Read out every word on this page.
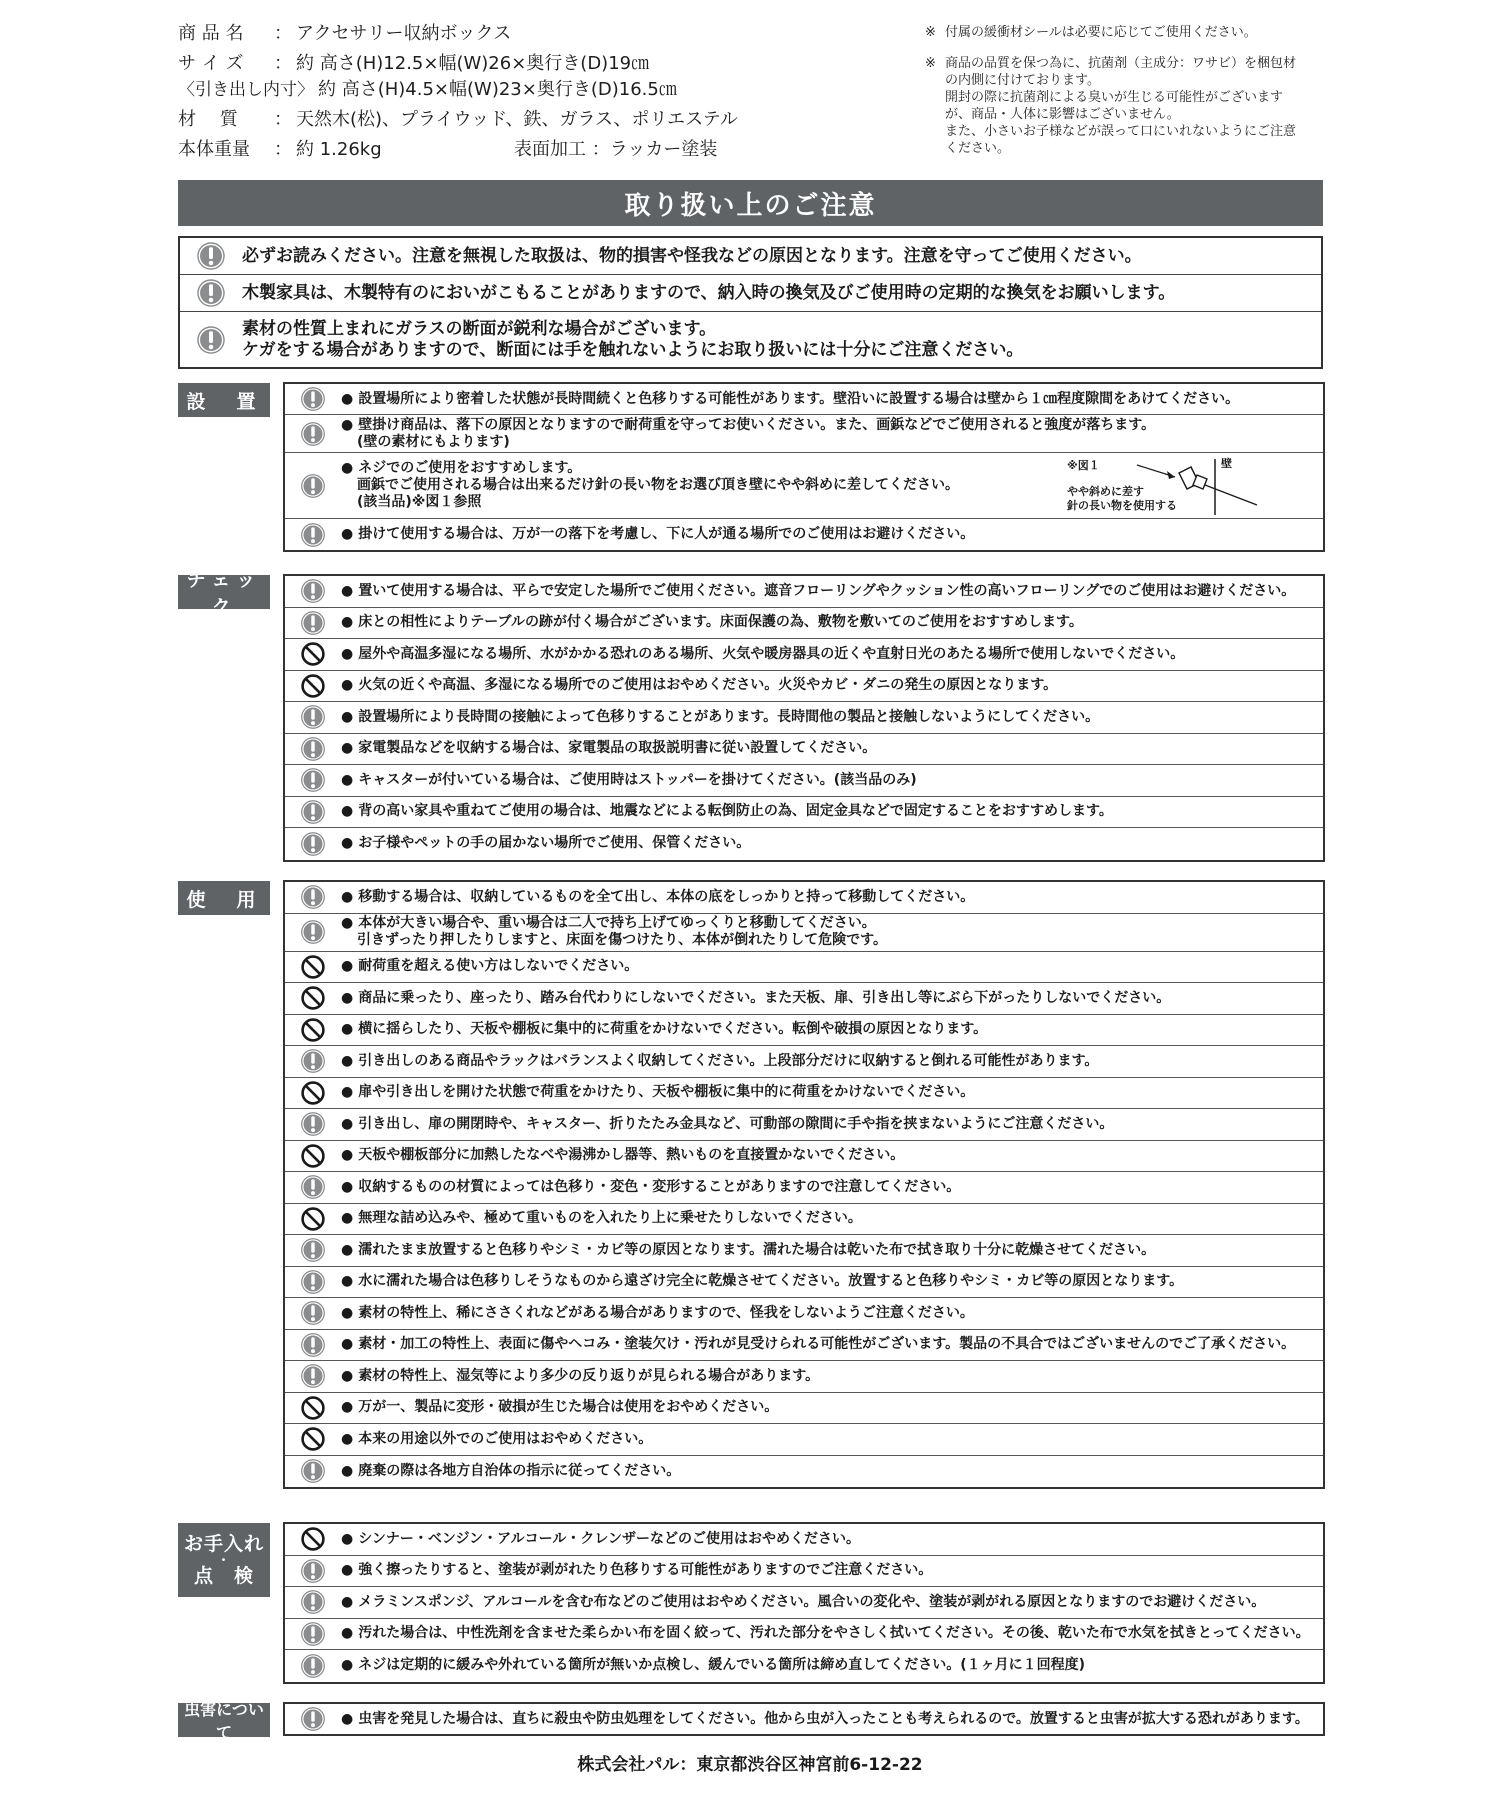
商 品 名 ： アクセサリー収納ボックス
サ イ ズ ： 約 高さ(H)12.5×幅(W)26×奥行き(D)19㎝
〈引き出し内寸〉 約 高さ(H)4.5×幅(W)23×奥行き(D)16.5㎝
材　 質 ： 天然木(松)、プライウッド、鉄、ガラス、ポリエステル
本体重量 ： 約 1.26kg	表面加工 ：ラッカー塗装
※ 付属の緩衝材シールは必要に応じてご使用ください。

※ 商品の品質を保つ為に、抗菌剤（主成分：ワサビ）を梱包材

の内側に付けております。

開封の際に抗菌剤による臭いが生じる可能性がございます

が、商品・人体に影響はございません。

また、小さいお子様などが誤って口にいれないようにご注意

ください。

取り扱い上のご注意
必ずお読みください。注意を無視した取扱は、物的損害や怪我などの原因となります。注意を守ってご使用ください。
木製家具は、木製特有のにおいがこもることがありますので、納入時の換気及びご使用時の定期的な換気をお願いします。
素材の性質上まれにガラスの断面が鋭利な場合がございます。
ケガをする場合がありますので、断面には手を触れないようにお取り扱いには十分にご注意ください。
設　置	● 設置場所により密着した状態が長時間続くと色移りする可能性があります。壁沿いに設置する場合は壁から１㎝程度隙間をあけてください。
● 壁掛け商品は、落下の原因となりますので耐荷重を守ってお使いください。また、画鋲などでご使用されると強度が落ちます。
(壁の素材にもよります)
● ネジでのご使用をおすすめします。
画鋲でご使用される場合は出来るだけ針の長い物をお選び頂き壁にやや斜めに差してください。
(該当品)※図１参照
※図１	壁
やや斜めに差す
針の長い物を使用する
● 掛けて使用する場合は、万が一の落下を考慮し、下に人が通る場所でのご使用はお避けください。
チェック
● 置いて使用する場合は、平らで安定した場所でご使用ください。遮音フローリングやクッション性の高いフローリングでのご使用はお避けください。
● 床との相性によりテーブルの跡が付く場合がございます。床面保護の為、敷物を敷いてのご使用をおすすめします。
● 屋外や高温多湿になる場所、水がかかる恐れのある場所、火気や暖房器具の近くや直射日光のあたる場所で使用しないでください。
● 火気の近くや高温、多湿になる場所でのご使用はおやめください。火災やカビ・ダニの発生の原因となります。
● 設置場所により長時間の接触によって色移りすることがあります。長時間他の製品と接触しないようにしてください。
● 家電製品などを収納する場合は、家電製品の取扱説明書に従い設置してください。
● キャスターが付いている場合は、ご使用時はストッパーを掛けてください。(該当品のみ)
● 背の高い家具や重ねてご使用の場合は、地震などによる転倒防止の為、固定金具などで固定することをおすすめします。
● お子様やペットの手の届かない場所でご使用、保管ください。
使　用	● 移動する場合は、収納しているものを全て出し、本体の底をしっかりと持って移動してください。
● 本体が大きい場合や、重い場合は二人で持ち上げてゆっくりと移動してください。
引きずったり押したりしますと、床面を傷つけたり、本体が倒れたりして危険です。
● 耐荷重を超える使い方はしないでください。
● 商品に乗ったり、座ったり、踏み台代わりにしないでください。また天板、扉、引き出し等にぶら下がったりしないでください。
● 横に揺らしたり、天板や棚板に集中的に荷重をかけないでください。転倒や破損の原因となります。
● 引き出しのある商品やラックはバランスよく収納してください。上段部分だけに収納すると倒れる可能性があります。
● 扉や引き出しを開けた状態で荷重をかけたり、天板や棚板に集中的に荷重をかけないでください。
● 引き出し、扉の開閉時や、キャスター、折りたたみ金具など、可動部の隙間に手や指を挟まないようにご注意ください。
● 天板や棚板部分に加熱したなべや湯沸かし器等、熱いものを直接置かないでください。
● 収納するものの材質によっては色移り・変色・変形することがありますので注意してください。
● 無理な詰め込みや、極めて重いものを入れたり上に乗せたりしないでください。
● 濡れたまま放置すると色移りやシミ・カビ等の原因となります。濡れた場合は乾いた布で拭き取り十分に乾燥させてください。
● 水に濡れた場合は色移りしそうなものから遠ざけ完全に乾燥させてください。放置すると色移りやシミ・カビ等の原因となります。
● 素材の特性上、稀にささくれなどがある場合がありますので、怪我をしないようご注意ください。
● 素材・加工の特性上、表面に傷やヘコみ・塗装欠け・汚れが見受けられる可能性がございます。製品の不具合ではございませんのでご了承ください。
● 素材の特性上、湿気等により多少の反り返りが見られる場合があります。
● 万が一、製品に変形・破損が生じた場合は使用をおやめください。
● 本来の用途以外でのご使用はおやめください。
● 廃棄の際は各地方自治体の指示に従ってください。
お手入れ
・
点　検
● シンナー・ベンジン・アルコール・クレンザーなどのご使用はおやめください。
● 強く擦ったりすると、塗装が剥がれたり色移りする可能性がありますのでご注意ください。
● メラミンスポンジ、アルコールを含む布などのご使用はおやめください。風合いの変化や、塗装が剥がれる原因となりますのでお避けください。
● 汚れた場合は、中性洗剤を含ませた柔らかい布を固く絞って、汚れた部分をやさしく拭いてください。その後、乾いた布で水気を拭きとってください。
● ネジは定期的に緩みや外れている箇所が無いか点検し、緩んでいる箇所は締め直してください。(１ヶ月に１回程度)
虫害について
● 虫害を発見した場合は、直ちに殺虫や防虫処理をしてください。他から虫が入ったことも考えられるので。放置すると虫害が拡大する恐れがあります。
株式会社パル：東京都渋谷区神宮前6-12-22
